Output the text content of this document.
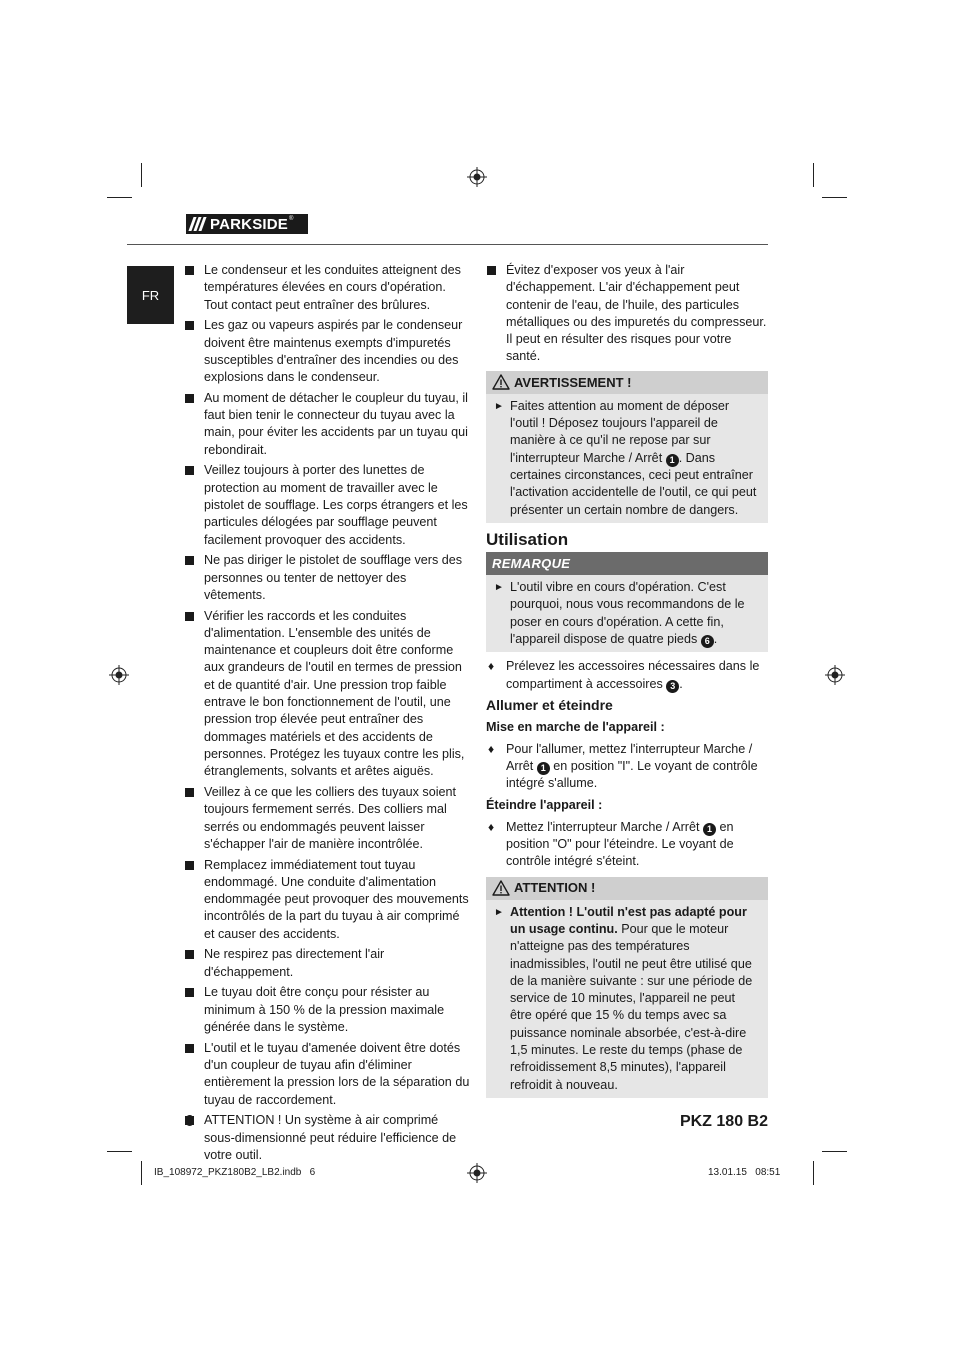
PARKSIDE ®
FR
Le condenseur et les conduites atteignent des températures élevées en cours d'opération. Tout contact peut entraîner des brûlures.
Les gaz ou vapeurs aspirés par le condenseur doivent être maintenus exempts d'impuretés susceptibles d'entraîner des incendies ou des explosions dans le condenseur.
Au moment de détacher le coupleur du tuyau, il faut bien tenir le connecteur du tuyau avec la main, pour éviter les accidents par un tuyau qui rebondirait.
Veillez toujours à porter des lunettes de protection au moment de travailler avec le pistolet de soufflage. Les corps étrangers et les particules délogées par soufflage peuvent facilement provoquer des accidents.
Ne pas diriger le pistolet de soufflage vers des personnes ou tenter de nettoyer des vêtements.
Vérifier les raccords et les conduites d'alimentation. L'ensemble des unités de maintenance et coupleurs doit être conforme aux grandeurs de l'outil en termes de pression et de quantité d'air. Une pression trop faible entrave le bon fonctionnement de l'outil, une pression trop élevée peut entraîner des dommages matériels et des accidents de personnes. Protégez les tuyaux contre les plis, étranglements, solvants et arêtes aiguës.
Veillez à ce que les colliers des tuyaux soient toujours fermement serrés. Des colliers mal serrés ou endommagés peuvent laisser s'échapper l'air de manière incontrôlée.
Remplacez immédiatement tout tuyau endommagé. Une conduite d'alimentation endommagée peut provoquer des mouvements incontrôlés de la part du tuyau à air comprimé et causer des accidents.
Ne respirez pas directement l'air d'échappement.
Le tuyau doit être conçu pour résister au minimum à 150 % de la pression maximale générée dans le système.
L'outil et le tuyau d'amenée doivent être dotés d'un coupleur de tuyau afin d'éliminer entièrement la pression lors de la séparation du tuyau de raccordement.
ATTENTION ! Un système à air comprimé sous-dimensionné peut réduire l'efficience de votre outil.
Évitez d'exposer vos yeux à l'air d'échappement. L'air d'échappement peut contenir de l'eau, de l'huile, des particules métalliques ou des impuretés du compresseur. Il peut en résulter des risques pour votre santé.
AVERTISSEMENT !
► Faites attention au moment de déposer l'outil ! Déposez toujours l'appareil de manière à ce qu'il ne repose par sur l'interrupteur Marche / Arrêt 1 . Dans certaines circonstances, ceci peut entraîner l'activation accidentelle de l'outil, ce qui peut présenter un certain nombre de dangers.
Utilisation
REMARQUE
► L'outil vibre en cours d'opération. C'est pourquoi, nous vous recommandons de le poser en cours d'opération. A cette fin, l'appareil dispose de quatre pieds 6 .
♦ Prélevez les accessoires nécessaires dans le compartiment à accessoires 3 .
Allumer et éteindre
Mise en marche de l'appareil :
♦ Pour l'allumer, mettez l'interrupteur Marche / Arrêt 1 en position "I". Le voyant de contrôle intégré s'allume.
Éteindre l'appareil :
♦ Mettez l'interrupteur Marche / Arrêt 1 en position "O" pour l'éteindre. Le voyant de contrôle intégré s'éteint.
ATTENTION !
► Attention ! L'outil n'est pas adapté pour un usage continu. Pour que le moteur n'atteigne pas des températures inadmissibles, l'outil ne peut être utilisé que de la manière suivante : sur une période de service de 10 minutes, l'appareil ne peut être opéré que 15 % du temps avec sa puissance nominale absorbée, c'est-à-dire 1,5 minutes. Le reste du temps (phase de refroidissement 8,5 minutes), l'appareil refroidit à nouveau.
6	PKZ 180 B2
IB_108972_PKZ180B2_LB2.indb   6	13.01.15   08:51
